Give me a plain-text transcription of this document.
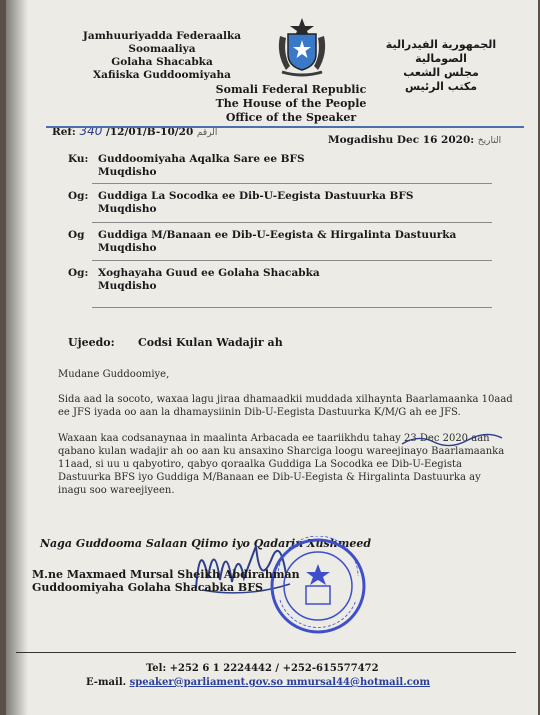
Jamhuuriyadda Federaalka Soomaaliya
Golaha Shacabka
Xafiiska Guddoomiyaha
الجمهورية الفيدرالية الصومالية
مجلس الشعب
مكتب الرئيس
Somali Federal Republic
The House of the People
Office of the Speaker
Ref: 340 /12/01/B-10/20 الرقم
Mogadishu Dec 16 2020: التاريخ
Ku: Guddoomiyaha Aqalka Sare ee BFS
Muqdisho
Og: Guddiga La Socodka ee Dib-U-Eegista Dastuurka BFS
Muqdisho
Og	Guddiga M/Banaan ee Dib-U-Eegista & Hirgalinta Dastuurka
Muqdisho
Og: Xoghayaha Guud ee Golaha Shacabka
Muqdisho
Ujeedo: Codsi Kulan Wadajir ah
Mudane Guddoomiye,
Sida aad la socoto, waxaa lagu jiraa dhamaadkii muddada xilhaynta Baarlamaanka 10aad
ee JFS iyada oo aan la dhamaysiinin Dib-U-Eegista Dastuurka K/M/G ah ee JFS.
Waxaan kaa codsanaynaa in maalinta Arbacada ee taariikhdu tahay 23 Dec 2020 aan
qabano kulan wadajir ah oo aan ku ansaxino Sharciga loogu wareejinayo Baarlamaanka
11aad, si uu u qabyotiro, qabyo qoraalka Guddiga La Socodka ee Dib-U-Eegista
Dastuurka BFS iyo Guddiga M/Banaan ee Dib-U-Eegista & Hirgalinta Dastuurka ay
inagu soo wareejiyeen.
Naga Guddooma Salaan Qiimo iyo Qadarin Xushmeed
M.ne Maxmaed Mursal Sheikh Abdirahman
Guddoomiyaha Golaha Shacabka BFS
Tel: +252 6 1 2224442 / +252-615577472
E-mail. speaker@parliament.gov.so mmursal44@hotmail.com
